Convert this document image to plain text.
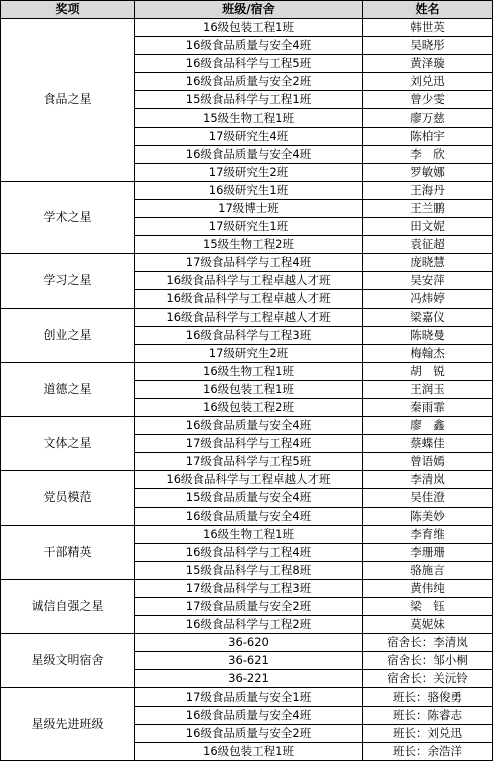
奖项	班级/宿舍	姓名
食品之星	16级包装工程1班	韩世英
	16级食品质量与安全4班	吴晓彤
	16级食品科学与工程5班	黄泽璇
	16级食品质量与安全2班	刘兑迅
	15级食品科学与工程1班	曾少雯
	15级生物工程1班	廖万慈
	17级研究生4班	陈柏宇
	16级食品质量与安全4班	李　欣
	17级研究生2班	罗敏娜
学术之星	16级研究生1班	王海丹
	17级博士班	王兰鹏
	17级研究生1班	田文妮
	15级生物工程2班	袁征超
学习之星	17级食品科学与工程4班	庞晓慧
	16级食品科学与工程卓越人才班	吴安萍
	16级食品科学与工程卓越人才班	冯炜婷
创业之星	16级食品科学与工程卓越人才班	梁嘉仪
	16级食品科学与工程3班	陈晓曼
	17级研究生2班	梅翰杰
道德之星	16级生物工程1班	胡　锐
	16级包装工程1班	王润玉
	16级包装工程2班	秦雨霏
文体之星	16级食品质量与安全4班	廖　鑫
	17级食品科学与工程4班	蔡蝶佳
	17级食品科学与工程5班	曾语嫣
党员模范	16级食品科学与工程卓越人才班	李清岚
	15级食品质量与安全4班	吴佳澄
	16级食品质量与安全4班	陈美妙
干部精英	16级生物工程1班	李育维
	16级食品科学与工程4班	李珊珊
	15级食品科学与工程8班	骆施言
诚信自强之星	17级食品科学与工程3班	黄伟纯
	17级食品质量与安全2班	梁　钰
	16级食品科学与工程2班	莫妮妹
星级文明宿舍	36-620	宿舍长：李清岚
	36-621	宿舍长：邹小桐
	36-221	宿舍长：关沅铃
星级先进班级	17级食品质量与安全1班	班长：骆俊勇
	16级食品质量与安全4班	班长：陈睿志
	16级食品质量与安全2班	班长：刘兑迅
	16级包装工程1班	班长：余浩洋
